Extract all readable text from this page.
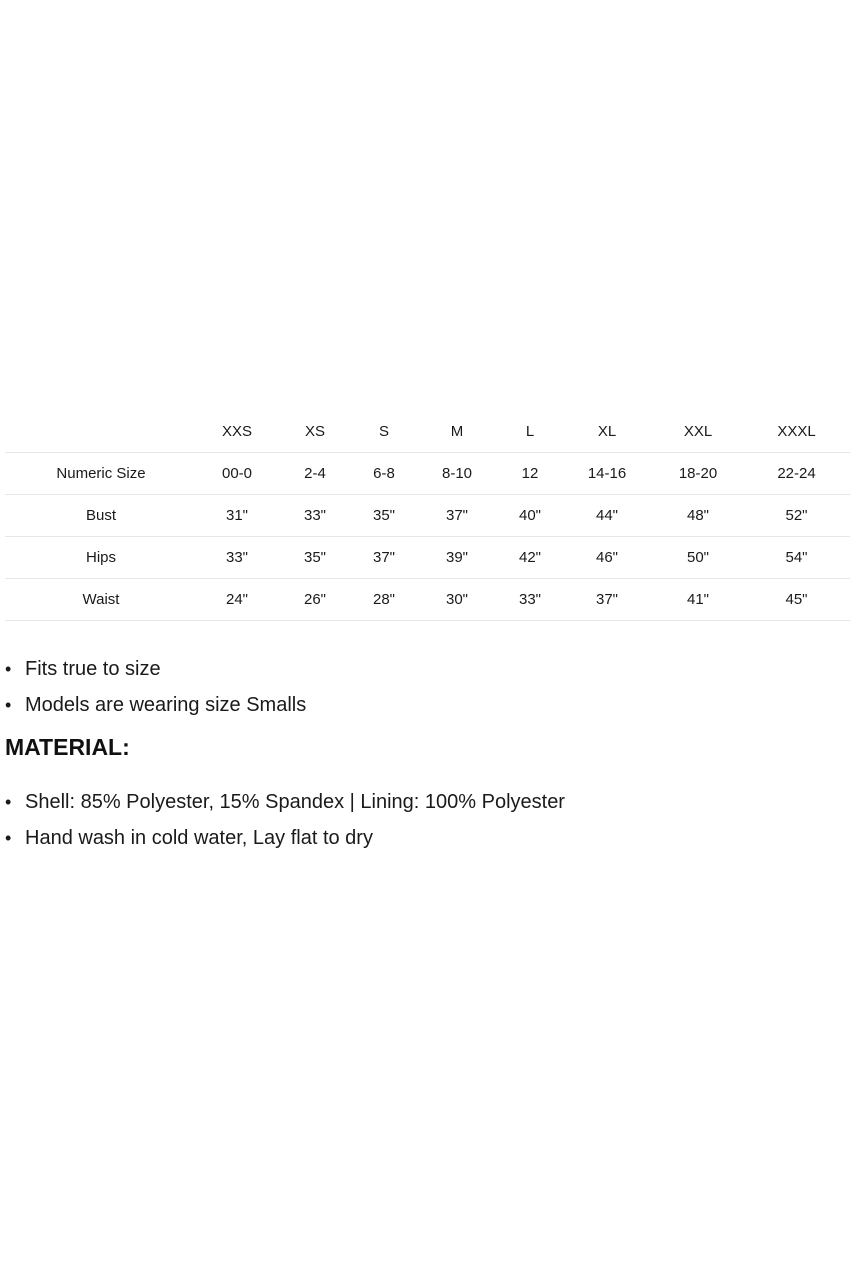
	XXS	XS	S	M	L	XL	XXL	XXXL
Numeric Size	00-0	2-4	6-8	8-10	12	14-16	18-20	22-24
Bust	31"	33"	35"	37"	40"	44"	48"	52"
Hips	33"	35"	37"	39"	42"	46"	50"	54"
Waist	24"	26"	28"	30"	33"	37"	41"	45"
• Fits true to size
• Models are wearing size Smalls
MATERIAL:
• Shell: 85% Polyester, 15% Spandex | Lining: 100% Polyester
• Hand wash in cold water, Lay flat to dry
